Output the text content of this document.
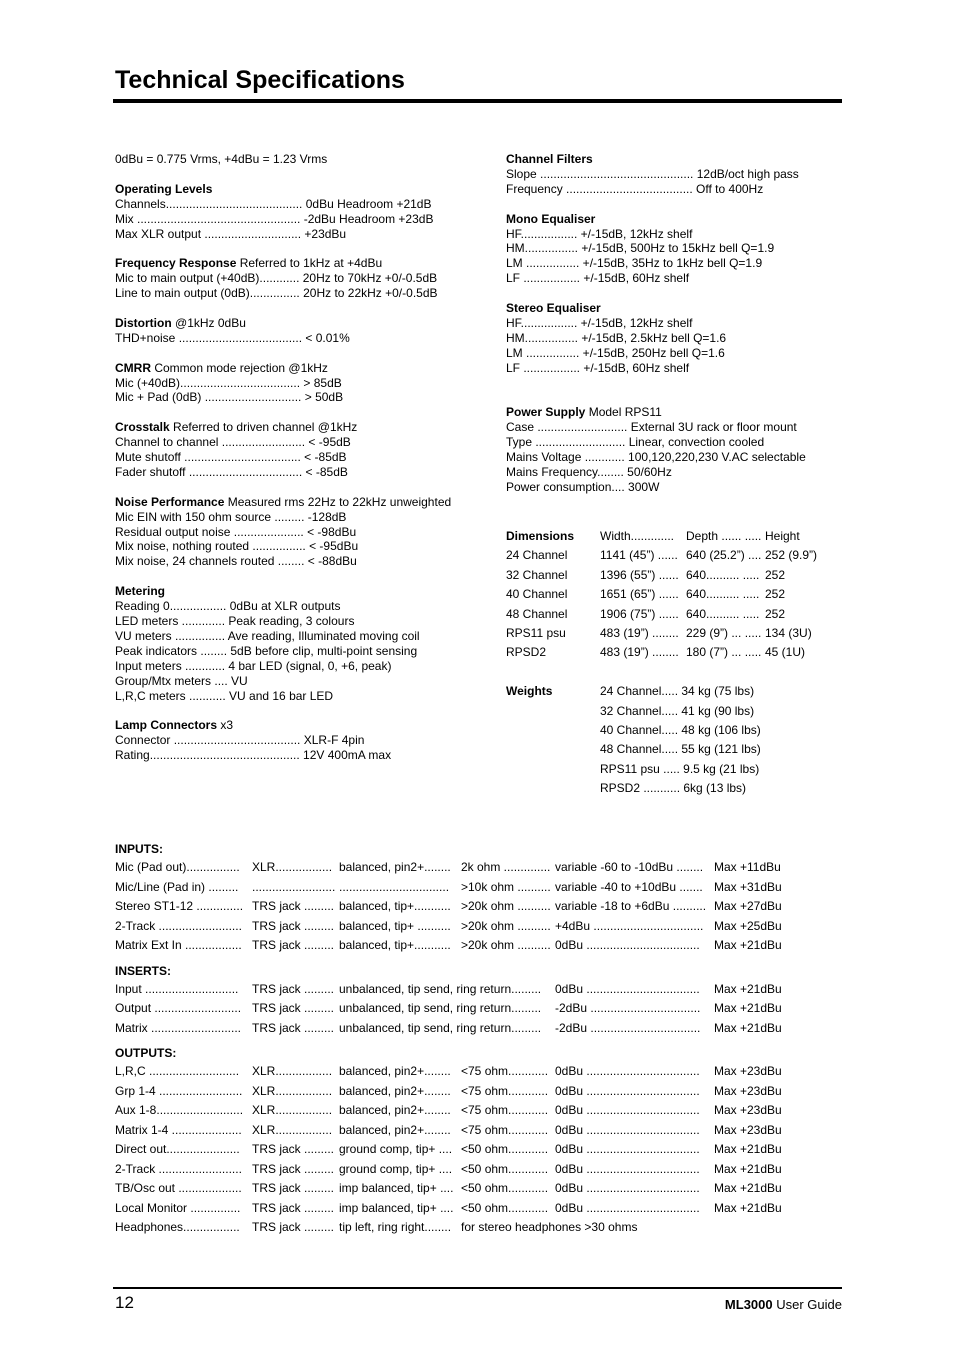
Technical Specifications
0dBu = 0.775 Vrms, +4dBu = 1.23 Vrms
Operating Levels
Channels......................................... 0dBu Headroom +21dB
Mix ................................................. -2dBu Headroom +23dB
Max XLR output ............................. +23dBu
Frequency Response Referred to 1kHz at +4dBu
Mic to main output (+40dB)............ 20Hz to 70kHz +0/-0.5dB
Line to main output (0dB)............... 20Hz to 22kHz +0/-0.5dB
Distortion @1kHz 0dBu
THD+noise ..................................... < 0.01%
CMRR Common mode rejection @1kHz
Mic (+40dB).................................... > 85dB
Mic + Pad (0dB) ............................. > 50dB
Crosstalk Referred to driven channel @1kHz
Channel to channel ......................... < -95dB
Mute shutoff ................................... < -85dB
Fader shutoff .................................. < -85dB
Noise Performance Measured rms 22Hz to 22kHz unweighted
Mic EIN with 150 ohm source ......... -128dB
Residual output noise ..................... < -98dBu
Mix noise, nothing routed ................ < -95dBu
Mix noise, 24 channels routed ........ < -88dBu
Metering
Reading 0................. 0dBu at XLR outputs
LED meters ............. Peak reading, 3 colours
VU meters ............... Ave reading, Illuminated moving coil
Peak indicators ........ 5dB before clip, multi-point sensing
Input meters ............ 4 bar LED (signal, 0, +6, peak)
Group/Mtx meters .... VU
L,R,C meters ........... VU and 16 bar LED
Lamp Connectors x3
Connector ...................................... XLR-F 4pin
Rating............................................. 12V 400mA max
Channel Filters
Slope .............................................. 12dB/oct high pass
Frequency ...................................... Off to 400Hz
Mono Equaliser
HF................. +/-15dB, 12kHz shelf
HM................ +/-15dB, 500Hz to 15kHz bell Q=1.9
LM ................ +/-15dB, 35Hz to 1kHz bell Q=1.9
LF ................. +/-15dB, 60Hz shelf
Stereo Equaliser
HF................. +/-15dB, 12kHz shelf
HM................ +/-15dB, 2.5kHz bell Q=1.6
LM ................ +/-15dB, 250Hz bell Q=1.6
LF ................. +/-15dB, 60Hz shelf
Power Supply Model RPS11
Case ........................... External 3U rack or floor mount
Type ........................... Linear, convection cooled
Mains Voltage ............ 100,120,220,230 V.AC selectable
Mains Frequency........ 50/60Hz
Power consumption.... 300W
Dimensions Width............. Depth ...... ..... Height
24 Channel	1141 (45”) ...... 640 (25.2”) .... 252 (9.9”)
32 Channel	1396 (55”) ...... 640.......... ..... 252
40 Channel	1651 (65”) ...... 640.......... ..... 252
48 Channel	1906 (75”) ...... 640.......... ..... 252
RPS11 psu	483 (19”) ........ 229 (9”) ... ..... 134 (3U)
RPSD2	483 (19”) ........ 180 (7”) ... ..... 45 (1U)
Weights	24 Channel..... 34 kg (75 lbs)
32 Channel..... 41 kg (90 lbs)
40 Channel..... 48 kg (106 lbs)
48 Channel..... 55 kg (121 lbs)
RPS11 psu ..... 9.5 kg (21 lbs)
RPSD2 ........... 6kg (13 lbs)
INPUTS:
Mic (Pad out)................ XLR................. balanced, pin2+........ 2k ohm .............. variable -60 to -10dBu ........ Max +11dBu
Mic/Line (Pad in) ......... ......................... ................................. >10k ohm .......... variable -40 to +10dBu ....... Max +31dBu
Stereo ST1-12 .............. TRS jack ......... balanced, tip+........... >20k ohm .......... variable -18 to +6dBu .......... Max +27dBu
2-Track ......................... TRS jack ......... balanced, tip+ .......... >20k ohm .......... +4dBu ................................. Max +25dBu
Matrix Ext In ................. TRS jack ......... balanced, tip+........... >20k ohm .......... 0dBu .................................. Max +21dBu
INSERTS:
Input ............................ TRS jack ......... unbalanced, tip send, ring return......... 0dBu .................................. Max +21dBu
Output .......................... TRS jack ......... unbalanced, tip send, ring return......... -2dBu ................................. Max +21dBu
Matrix ........................... TRS jack ......... unbalanced, tip send, ring return......... -2dBu ................................. Max +21dBu
OUTPUTS:
L,R,C ........................... XLR................. balanced, pin2+........ <75 ohm............ 0dBu .................................. Max +23dBu
Grp 1-4 ......................... XLR................. balanced, pin2+........ <75 ohm............ 0dBu .................................. Max +23dBu
Aux 1-8.......................... XLR................. balanced, pin2+........ <75 ohm............ 0dBu .................................. Max +23dBu
Matrix 1-4 ..................... XLR................. balanced, pin2+........ <75 ohm............ 0dBu .................................. Max +23dBu
Direct out...................... TRS jack ......... ground comp, tip+ .... <50 ohm............ 0dBu .................................. Max +21dBu
2-Track ......................... TRS jack ......... ground comp, tip+ .... <50 ohm............ 0dBu .................................. Max +21dBu
TB/Osc out ................... TRS jack ......... imp balanced, tip+ .... <50 ohm............ 0dBu .................................. Max +21dBu
Local Monitor ............... TRS jack ......... imp balanced, tip+ .... <50 ohm............ 0dBu .................................. Max +21dBu
Headphones................. TRS jack ......... tip left, ring right........ for stereo headphones >30 ohms
12	ML3000 User Guide
